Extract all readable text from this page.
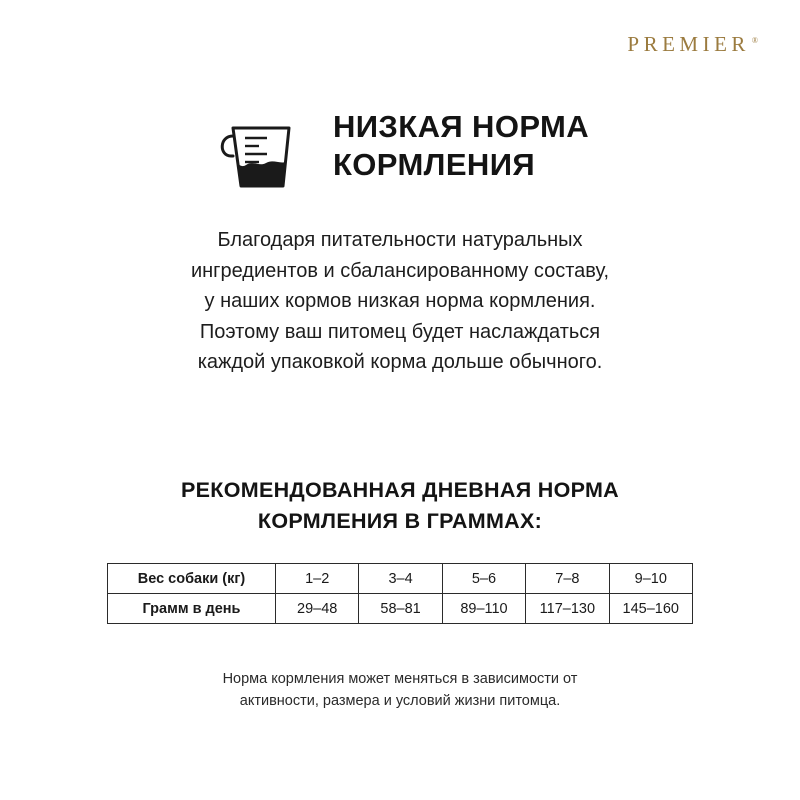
PREMIER ®
НИЗКАЯ НОРМА
КОРМЛЕНИЯ
Благодаря питательности натуральных
ингредиентов и сбалансированному составу,
у наших кормов низкая норма кормления.
Поэтому ваш питомец будет наслаждаться
каждой упаковкой корма дольше обычного.
РЕКОМЕНДОВАННАЯ ДНЕВНАЯ НОРМА
КОРМЛЕНИЯ В ГРАММАХ:
Вес собаки (кг)	1–2	3–4	5–6	7–8	9–10
Грамм в день	29–48	58–81	89–110	117–130	145–160
Норма кормления может меняться в зависимости от
активности, размера и условий жизни питомца.
